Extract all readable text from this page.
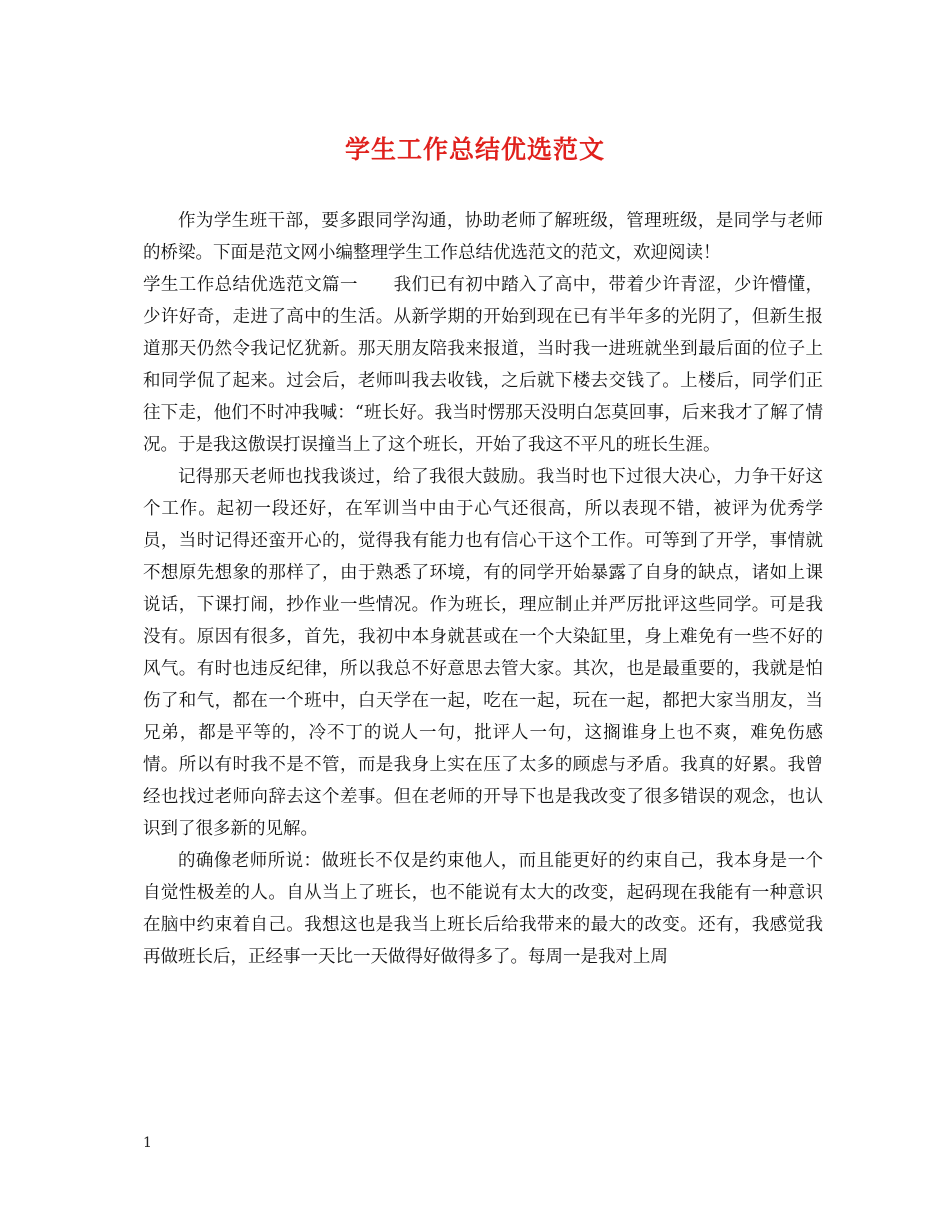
学生工作总结优选范文

作为学生班干部，要多跟同学沟通，协助老师了解班级，管理班级，是同学与老师的桥梁。下面是范文网小编整理学生工作总结优选范文的范文，欢迎阅读！

学生工作总结优选范文篇一　　我们已有初中踏入了高中，带着少许青涩，少许懵懂，少许好奇，走进了高中的生活。从新学期的开始到现在已有半年多的光阴了，但新生报道那天仍然令我记忆犹新。那天朋友陪我来报道，当时我一进班就坐到最后面的位子上和同学侃了起来。过会后，老师叫我去收钱，之后就下楼去交钱了。上楼后，同学们正往下走，他们不时冲我喊：“班长好。我当时愣那天没明白怎莫回事，后来我才了解了情况。于是我这傲误打误撞当上了这个班长，开始了我这不平凡的班长生涯。

记得那天老师也找我谈过，给了我很大鼓励。我当时也下过很大决心，力争干好这个工作。起初一段还好，在军训当中由于心气还很高，所以表现不错，被评为优秀学员，当时记得还蛮开心的，觉得我有能力也有信心干这个工作。可等到了开学，事情就不想原先想象的那样了，由于熟悉了环境，有的同学开始暴露了自身的缺点，诸如上课说话，下课打闹，抄作业一些情况。作为班长，理应制止并严厉批评这些同学。可是我没有。原因有很多，首先，我初中本身就甚或在一个大染缸里，身上难免有一些不好的风气。有时也违反纪律，所以我总不好意思去管大家。其次，也是最重要的，我就是怕伤了和气，都在一个班中，白天学在一起，吃在一起，玩在一起，都把大家当朋友，当兄弟，都是平等的，冷不丁的说人一句，批评人一句，这搁谁身上也不爽，难免伤感情。所以有时我不是不管，而是我身上实在压了太多的顾虑与矛盾。我真的好累。我曾经也找过老师向辞去这个差事。但在老师的开导下也是我改变了很多错误的观念，也认识到了很多新的见解。

的确像老师所说：做班长不仅是约束他人，而且能更好的约束自己，我本身是一个自觉性极差的人。自从当上了班长，也不能说有太大的改变，起码现在我能有一种意识在脑中约束着自己。我想这也是我当上班长后给我带来的最大的改变。还有，我感觉我再做班长后，正经事一天比一天做得好做得多了。每周一是我对上周

1
